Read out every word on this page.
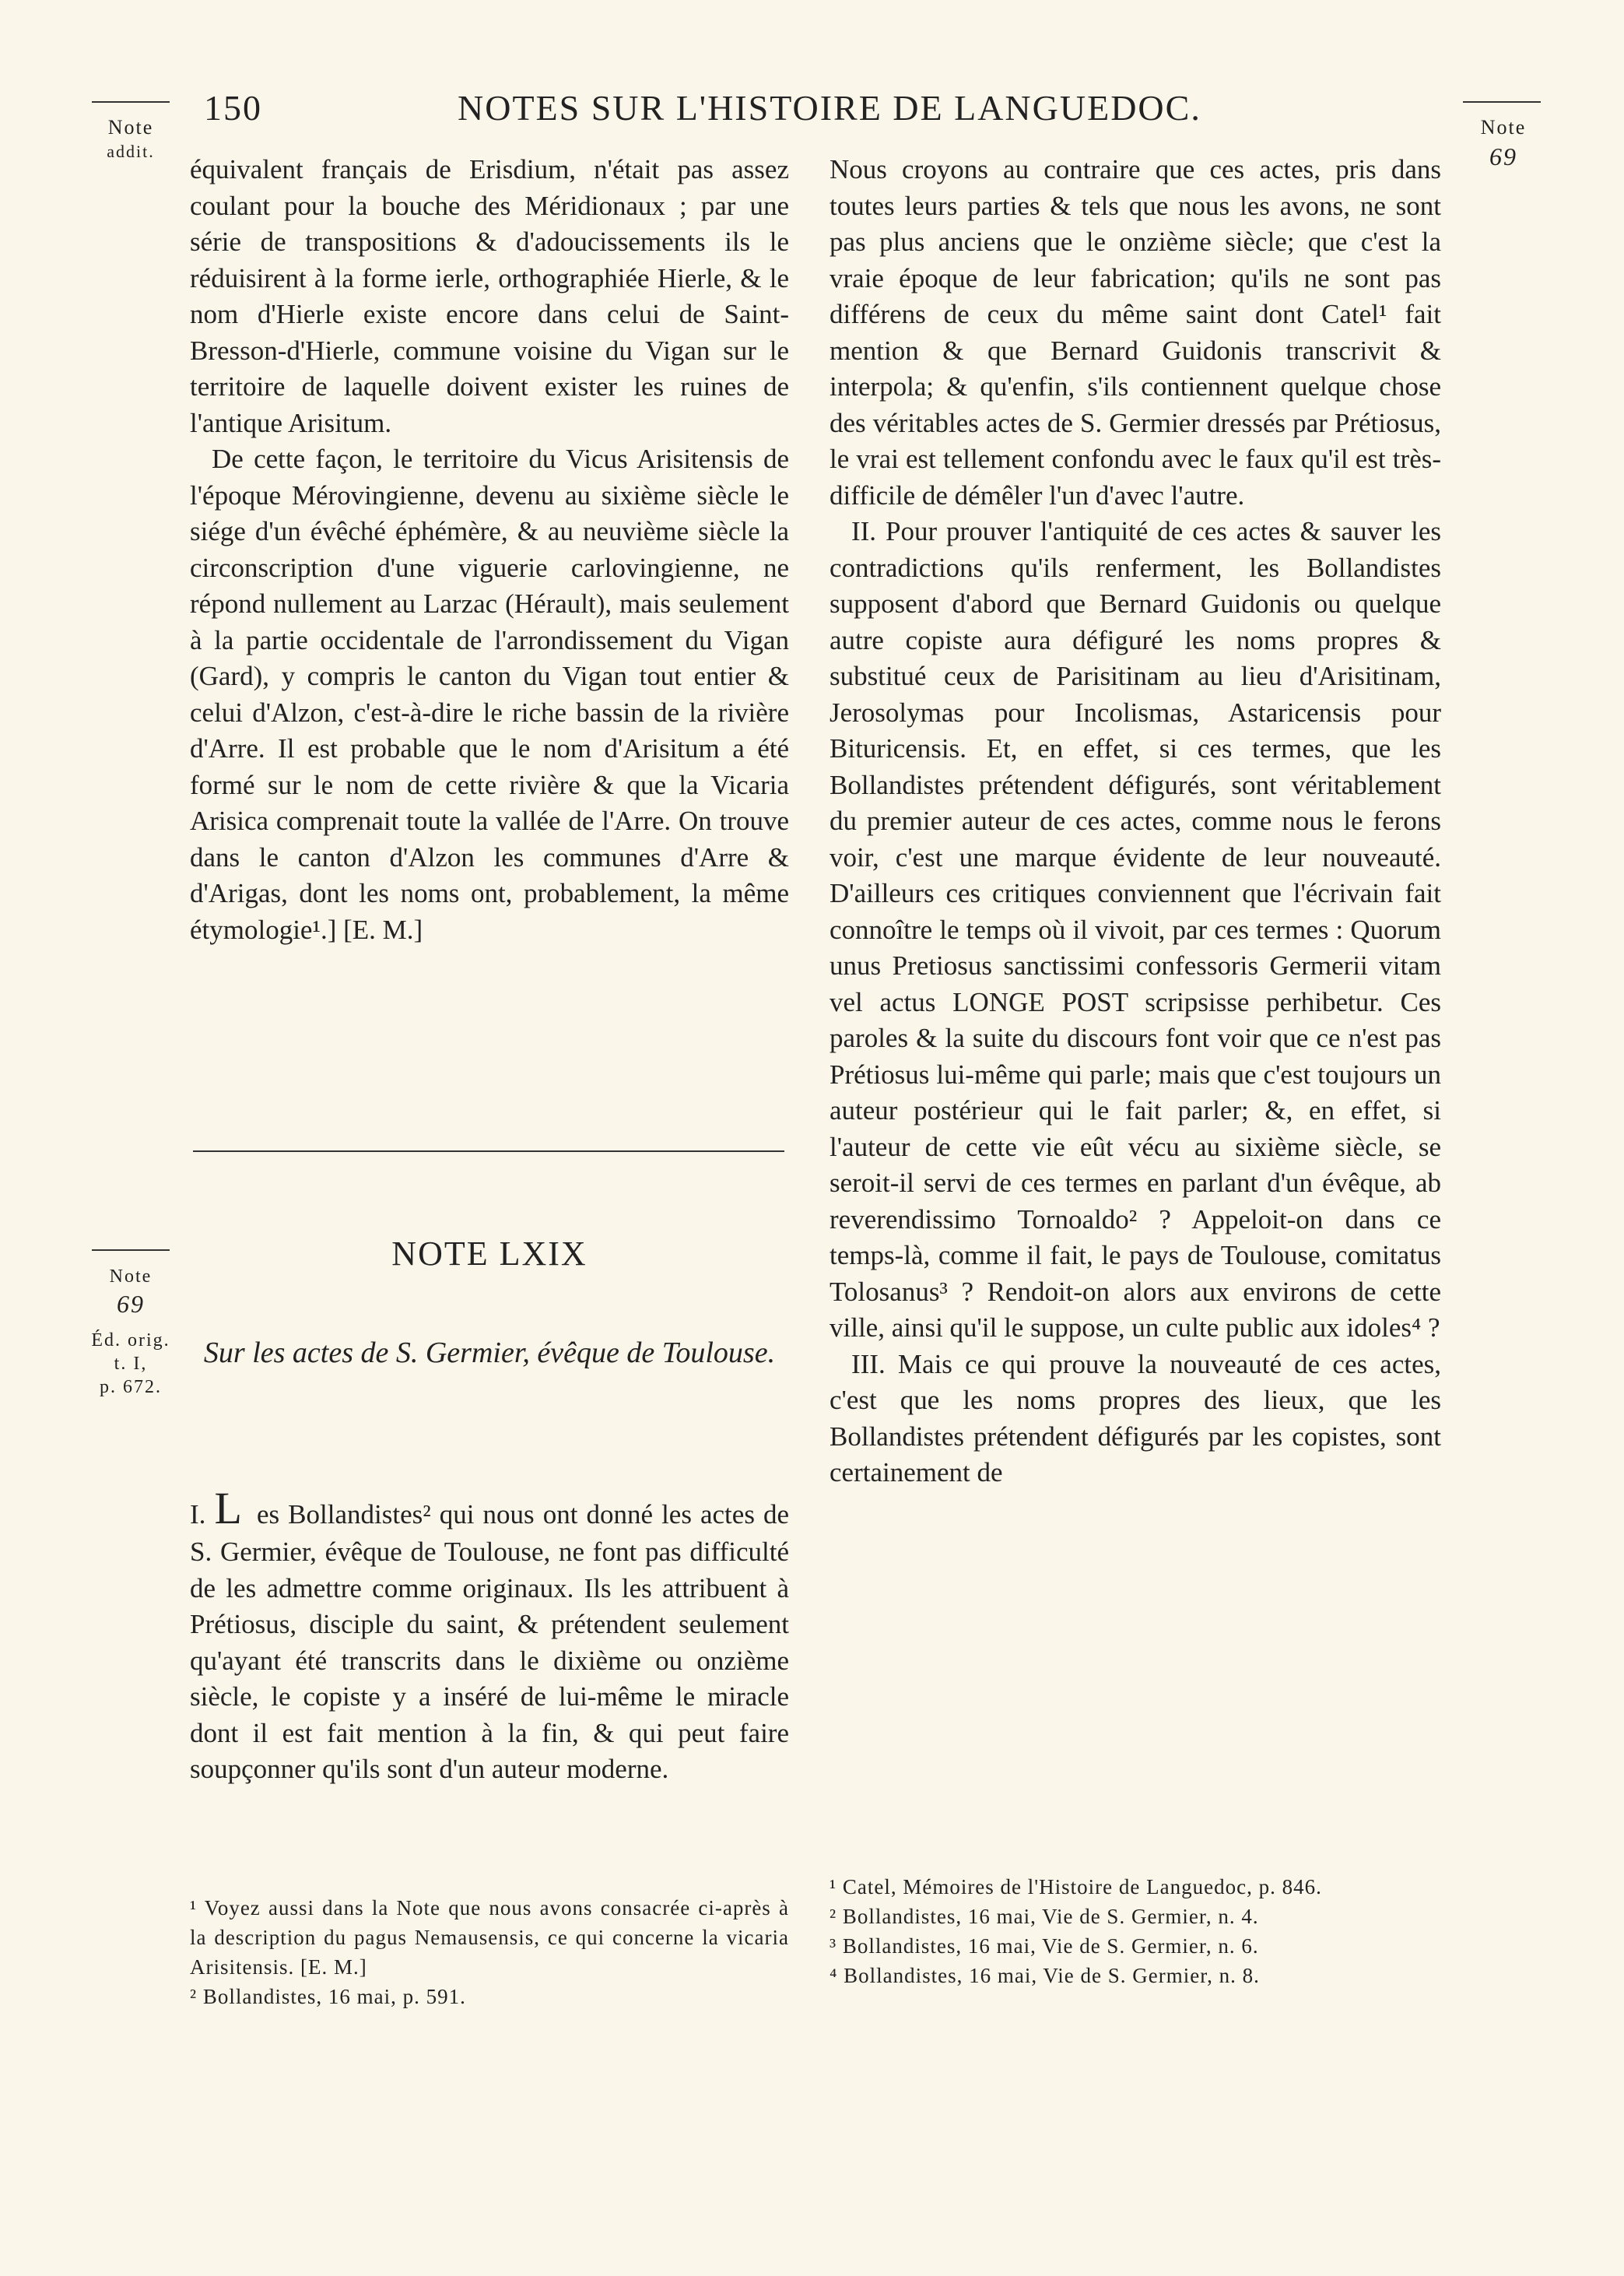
150	NOTES SUR L'HISTOIRE DE LANGUEDOC.
Note
addit.
Note
69

équivalent français de Erisdium, n'était pas assez coulant pour la bouche des Méridionaux ; par une série de transpositions & d'adoucissements ils le réduisirent à la forme ierle, orthographiée Hierle, & le nom d'Hierle existe encore dans celui de Saint-Bresson-d'Hierle, commune voisine du Vigan sur le territoire de laquelle doivent exister les ruines de l'antique Arisitum.

De cette façon, le territoire du Vicus Arisitensis de l'époque Mérovingienne, devenu au sixième siècle le siége d'un évêché éphémère, & au neuvième siècle la circonscription d'une viguerie carlovingienne, ne répond nullement au Larzac (Hérault), mais seulement à la partie occidentale de l'arrondissement du Vigan (Gard), y compris le canton du Vigan tout entier & celui d'Alzon, c'est-à-dire le riche bassin de la rivière d'Arre. Il est probable que le nom d'Arisitum a été formé sur le nom de cette rivière & que la Vicaria Arisica comprenait toute la vallée de l'Arre. On trouve dans le canton d'Alzon les communes d'Arre & d'Arigas, dont les noms ont, probablement, la même étymologie¹.] [E. M.]

Note
69
Éd. orig.
t. I,
p. 672.
NOTE LXIX
Sur les actes de S. Germier, évêque de Toulouse.

I. L es Bollandistes² qui nous ont donné les actes de S. Germier, évêque de Toulouse, ne font pas difficulté de les admettre comme originaux. Ils les attribuent à Prétiosus, disciple du saint, & prétendent seulement qu'ayant été transcrits dans le dixième ou onzième siècle, le copiste y a inséré de lui-même le miracle dont il est fait mention à la fin, & qui peut faire soupçonner qu'ils sont d'un auteur moderne.

¹ Voyez aussi dans la Note que nous avons consacrée ci-après à la description du pagus Nemausensis, ce qui concerne la vicaria Arisitensis. [E. M.]
² Bollandistes, 16 mai, p. 591.

Nous croyons au contraire que ces actes, pris dans toutes leurs parties & tels que nous les avons, ne sont pas plus anciens que le onzième siècle; que c'est la vraie époque de leur fabrication; qu'ils ne sont pas différens de ceux du même saint dont Catel¹ fait mention & que Bernard Guidonis transcrivit & interpola; & qu'enfin, s'ils contiennent quelque chose des véritables actes de S. Germier dressés par Prétiosus, le vrai est tellement confondu avec le faux qu'il est très-difficile de démêler l'un d'avec l'autre.

II. Pour prouver l'antiquité de ces actes & sauver les contradictions qu'ils renferment, les Bollandistes supposent d'abord que Bernard Guidonis ou quelque autre copiste aura défiguré les noms propres & substitué ceux de Parisitinam au lieu d'Arisitinam, Jerosolymas pour Incolismas, Astaricensis pour Bituricensis. Et, en effet, si ces termes, que les Bollandistes prétendent défigurés, sont véritablement du premier auteur de ces actes, comme nous le ferons voir, c'est une marque évidente de leur nouveauté. D'ailleurs ces critiques conviennent que l'écrivain fait connoître le temps où il vivoit, par ces termes : Quorum unus Pretiosus sanctissimi confessoris Germerii vitam vel actus LONGE POST scripsisse perhibetur. Ces paroles & la suite du discours font voir que ce n'est pas Prétiosus lui-même qui parle; mais que c'est toujours un auteur postérieur qui le fait parler; &, en effet, si l'auteur de cette vie eût vécu au sixième siècle, se seroit-il servi de ces termes en parlant d'un évêque, ab reverendissimo Tornoaldo² ? Appeloit-on dans ce temps-là, comme il fait, le pays de Toulouse, comitatus Tolosanus³ ? Rendoit-on alors aux environs de cette ville, ainsi qu'il le suppose, un culte public aux idoles⁴ ?

III. Mais ce qui prouve la nouveauté de ces actes, c'est que les noms propres des lieux, que les Bollandistes prétendent défigurés par les copistes, sont certainement de

¹ Catel, Mémoires de l'Histoire de Languedoc, p. 846.
² Bollandistes, 16 mai, Vie de S. Germier, n. 4.
³ Bollandistes, 16 mai, Vie de S. Germier, n. 6.
⁴ Bollandistes, 16 mai, Vie de S. Germier, n. 8.
